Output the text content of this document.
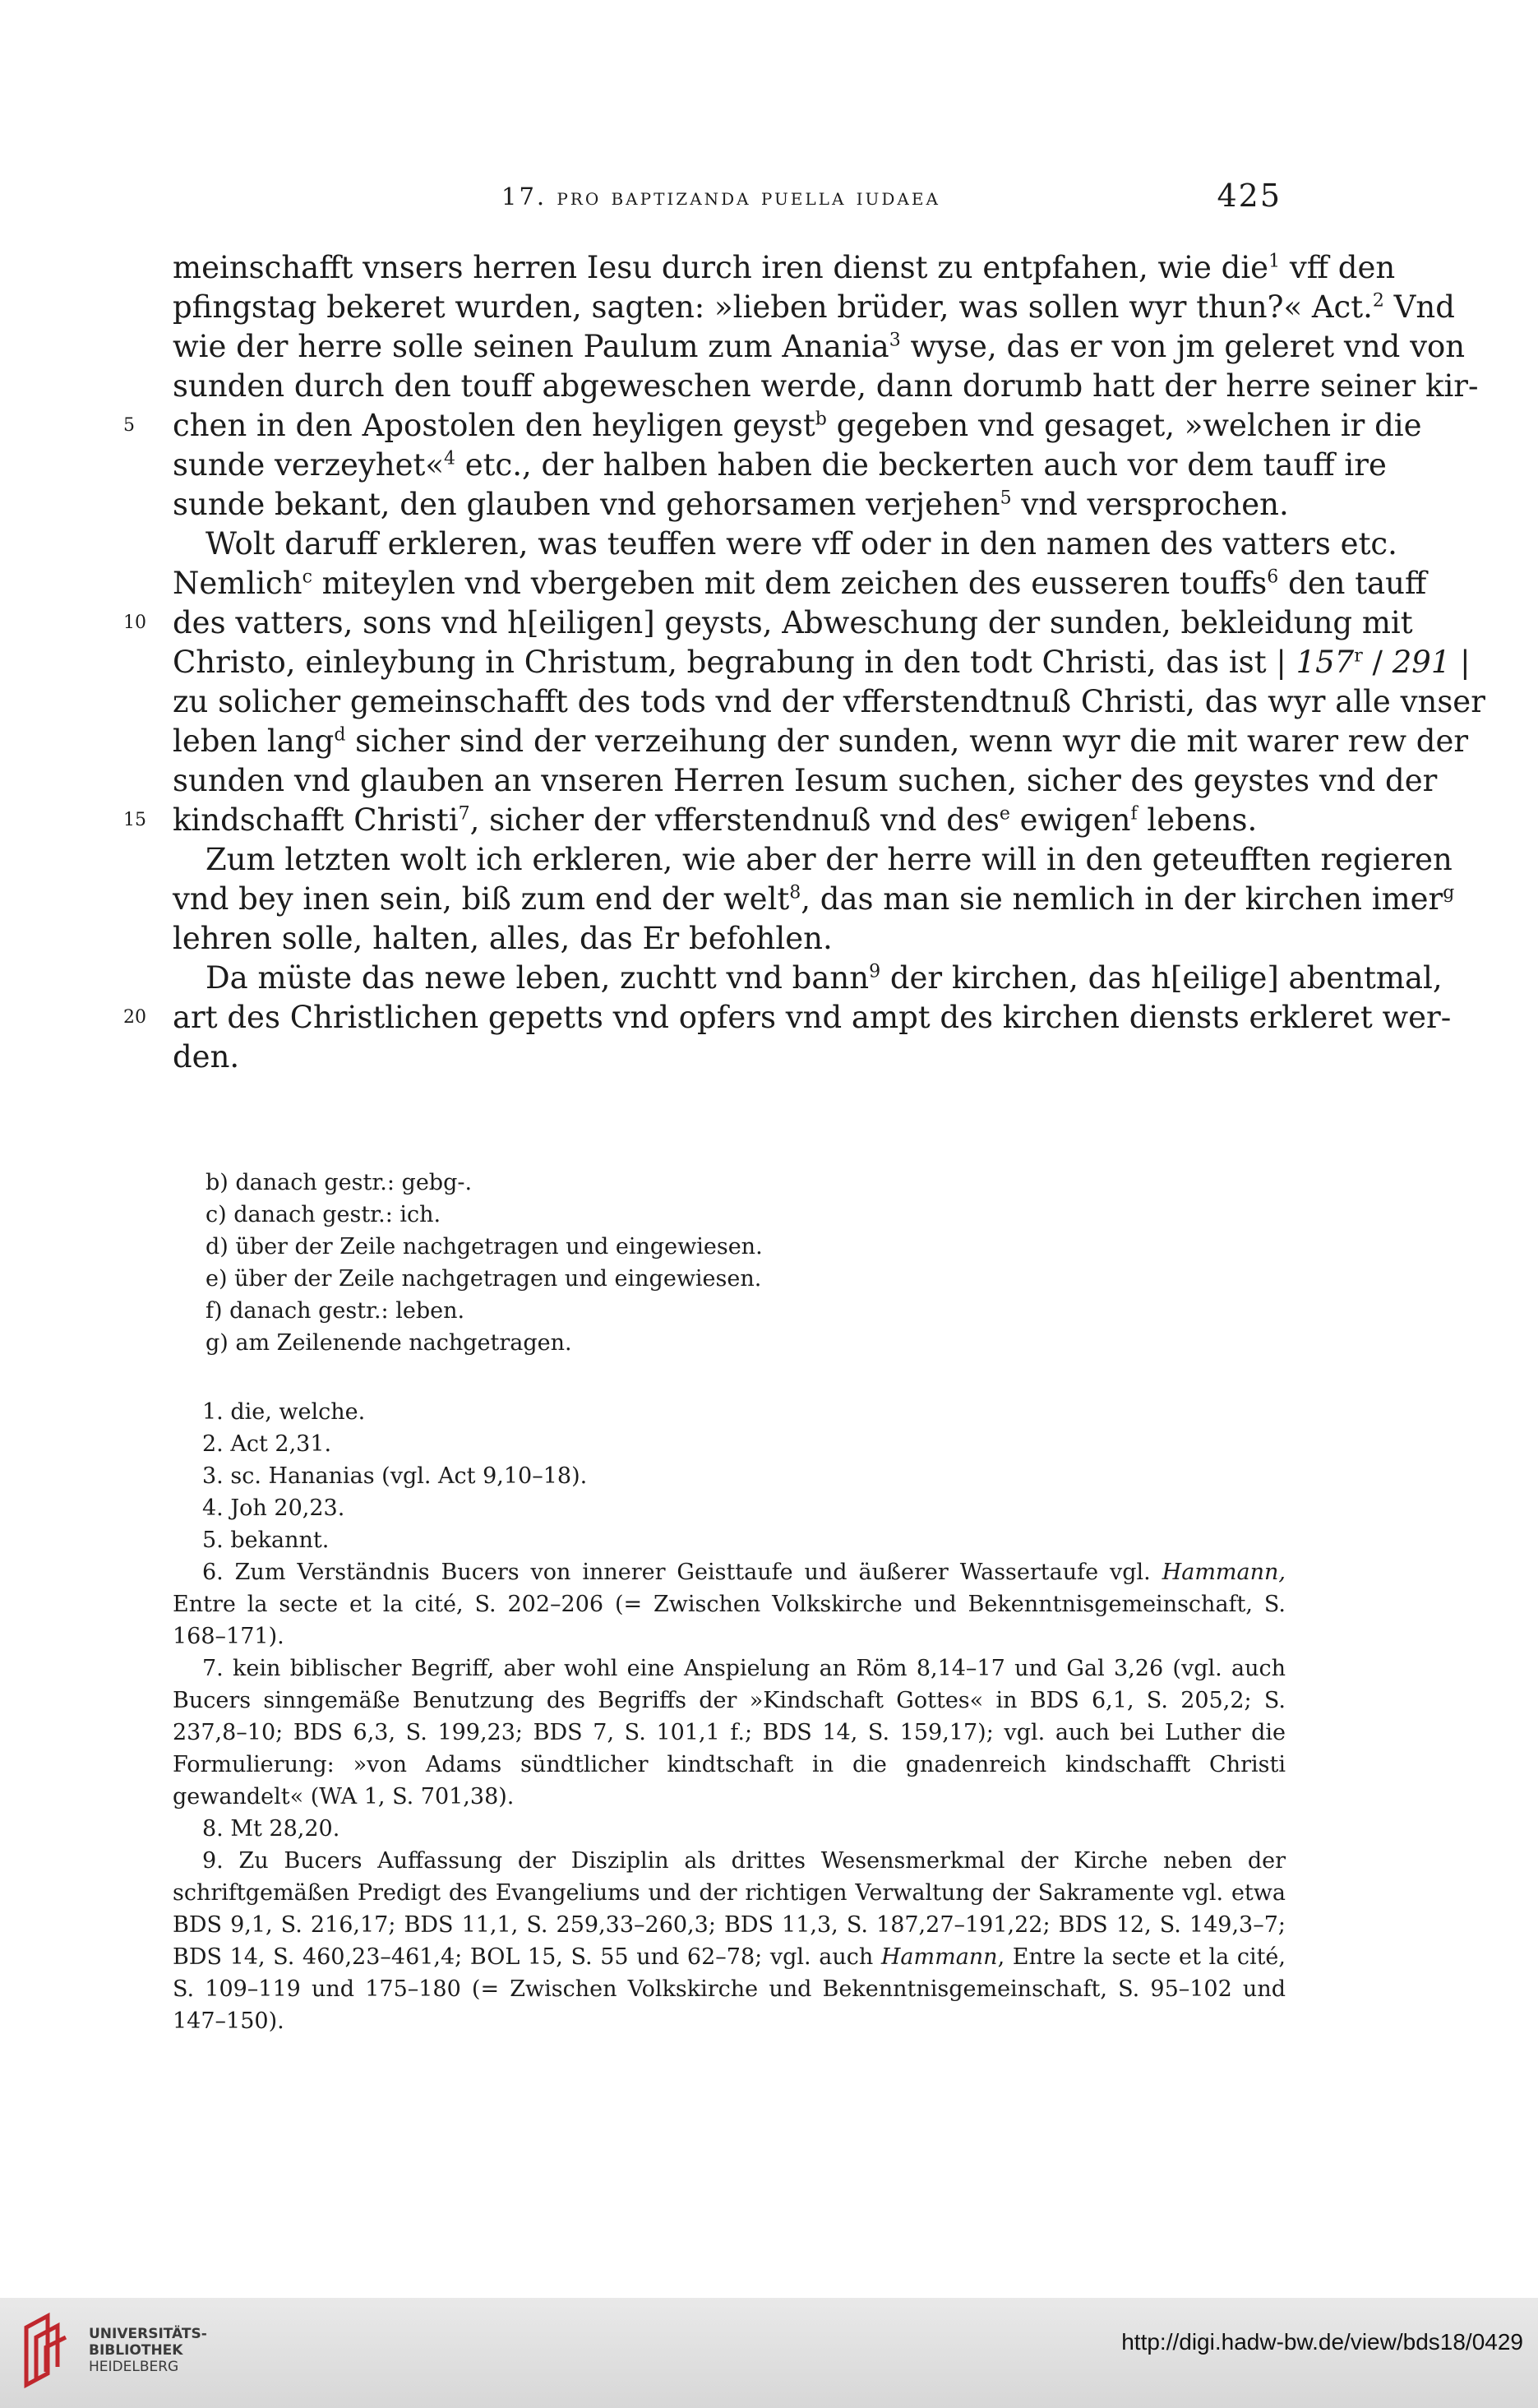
17. pro baptizanda puella iudaea	425
meinschafft vnsers herren Iesu durch iren dienst zu entpfahen, wie die$^1$ vff den
pfingstag bekeret wurden, sagten: »lieben brüder, was sollen wyr thun?« Act.$^2$ Vnd
wie der herre solle seinen Paulum zum Anania$^3$ wyse, das er von jm geleret vnd von
sunden durch den touff abgeweschen werde, dann dorumb hatt der herre seiner kir-
chen in den Apostolen den heyligen geyst$^b$ gegeben vnd gesaget, »welchen ir die
5
sunde verzeyhet«$^4$ etc., der halben haben die beckerten auch vor dem tauff ire
sunde bekant, den glauben vnd gehorsamen verjehen$^5$ vnd versprochen.
Wolt daruff erkleren, was teuffen were vff oder in den namen des vatters etc.
Nemlich$^c$ miteylen vnd vbergeben mit dem zeichen des eusseren touffs$^6$ den tauff
des vatters, sons vnd h[eiligen] geysts, Abweschung der sunden, bekleidung mit
10
Christo, einleybung in Christum, begrabung in den todt Christi, das ist | 157$^r$ / 291 |
zu solicher gemeinschafft des tods vnd der vfferstendtnuß Christi, das wyr alle vnser
leben lang$^d$ sicher sind der verzeihung der sunden, wenn wyr die mit warer rew der
sunden vnd glauben an vnseren Herren Iesum suchen, sicher des geystes vnd der
kindschafft Christi$^7$, sicher der vfferstendnuß vnd des$^e$ ewigen$^f$ lebens.
15
Zum letzten wolt ich erkleren, wie aber der herre will in den geteufften regieren
vnd bey inen sein, biß zum end der welt$^8$, das man sie nemlich in der kirchen imer$^g$
lehren solle, halten, alles, das Er befohlen.
Da müste das newe leben, zuchtt vnd bann$^9$ der kirchen, das h[eilige] abentmal,
art des Christlichen gepetts vnd opfers vnd ampt des kirchen diensts erkleret wer-
20
den.
b) danach gestr.: gebg-.
c) danach gestr.: ich.
d) über der Zeile nachgetragen und eingewiesen.
e) über der Zeile nachgetragen und eingewiesen.
f) danach gestr.: leben.
g) am Zeilenende nachgetragen.
1. die, welche.
2. Act 2,31.
3. sc. Hananias (vgl. Act 9,10–18).
4. Joh 20,23.
5. bekannt.
6. Zum Verständnis Bucers von innerer Geisttaufe und äußerer Wassertaufe vgl. Hammann, Entre la secte et la cité, S. 202–206 (= Zwischen Volkskirche und Bekenntnisgemeinschaft, S. 168–171).
7. kein biblischer Begriff, aber wohl eine Anspielung an Röm 8,14–17 und Gal 3,26 (vgl. auch Bucers sinngemäße Benutzung des Begriffs der »Kindschaft Gottes« in BDS 6,1, S. 205,2; S. 237,8–10; BDS 6,3, S. 199,23; BDS 7, S. 101,1 f.; BDS 14, S. 159,17); vgl. auch bei Luther die Formulierung: »von Adams sündtlicher kindtschaft in die gnadenreich kindschafft Christi gewandelt« (WA 1, S. 701,38).
8. Mt 28,20.
9. Zu Bucers Auffassung der Disziplin als drittes Wesensmerkmal der Kirche neben der schriftgemäßen Predigt des Evangeliums und der richtigen Verwaltung der Sakramente vgl. etwa BDS 9,1, S. 216,17; BDS 11,1, S. 259,33–260,3; BDS 11,3, S. 187,27–191,22; BDS 12, S. 149,3–7; BDS 14, S. 460,23–461,4; BOL 15, S. 55 und 62–78; vgl. auch Hammann, Entre la secte et la cité, S. 109–119 und 175–180 (= Zwischen Volkskirche und Bekenntnisgemeinschaft, S. 95–102 und 147–150).
UNIVERSITÄTS-
BIBLIOTHEK
HEIDELBERG
http://digi.hadw-bw.de/view/bds18/0429
